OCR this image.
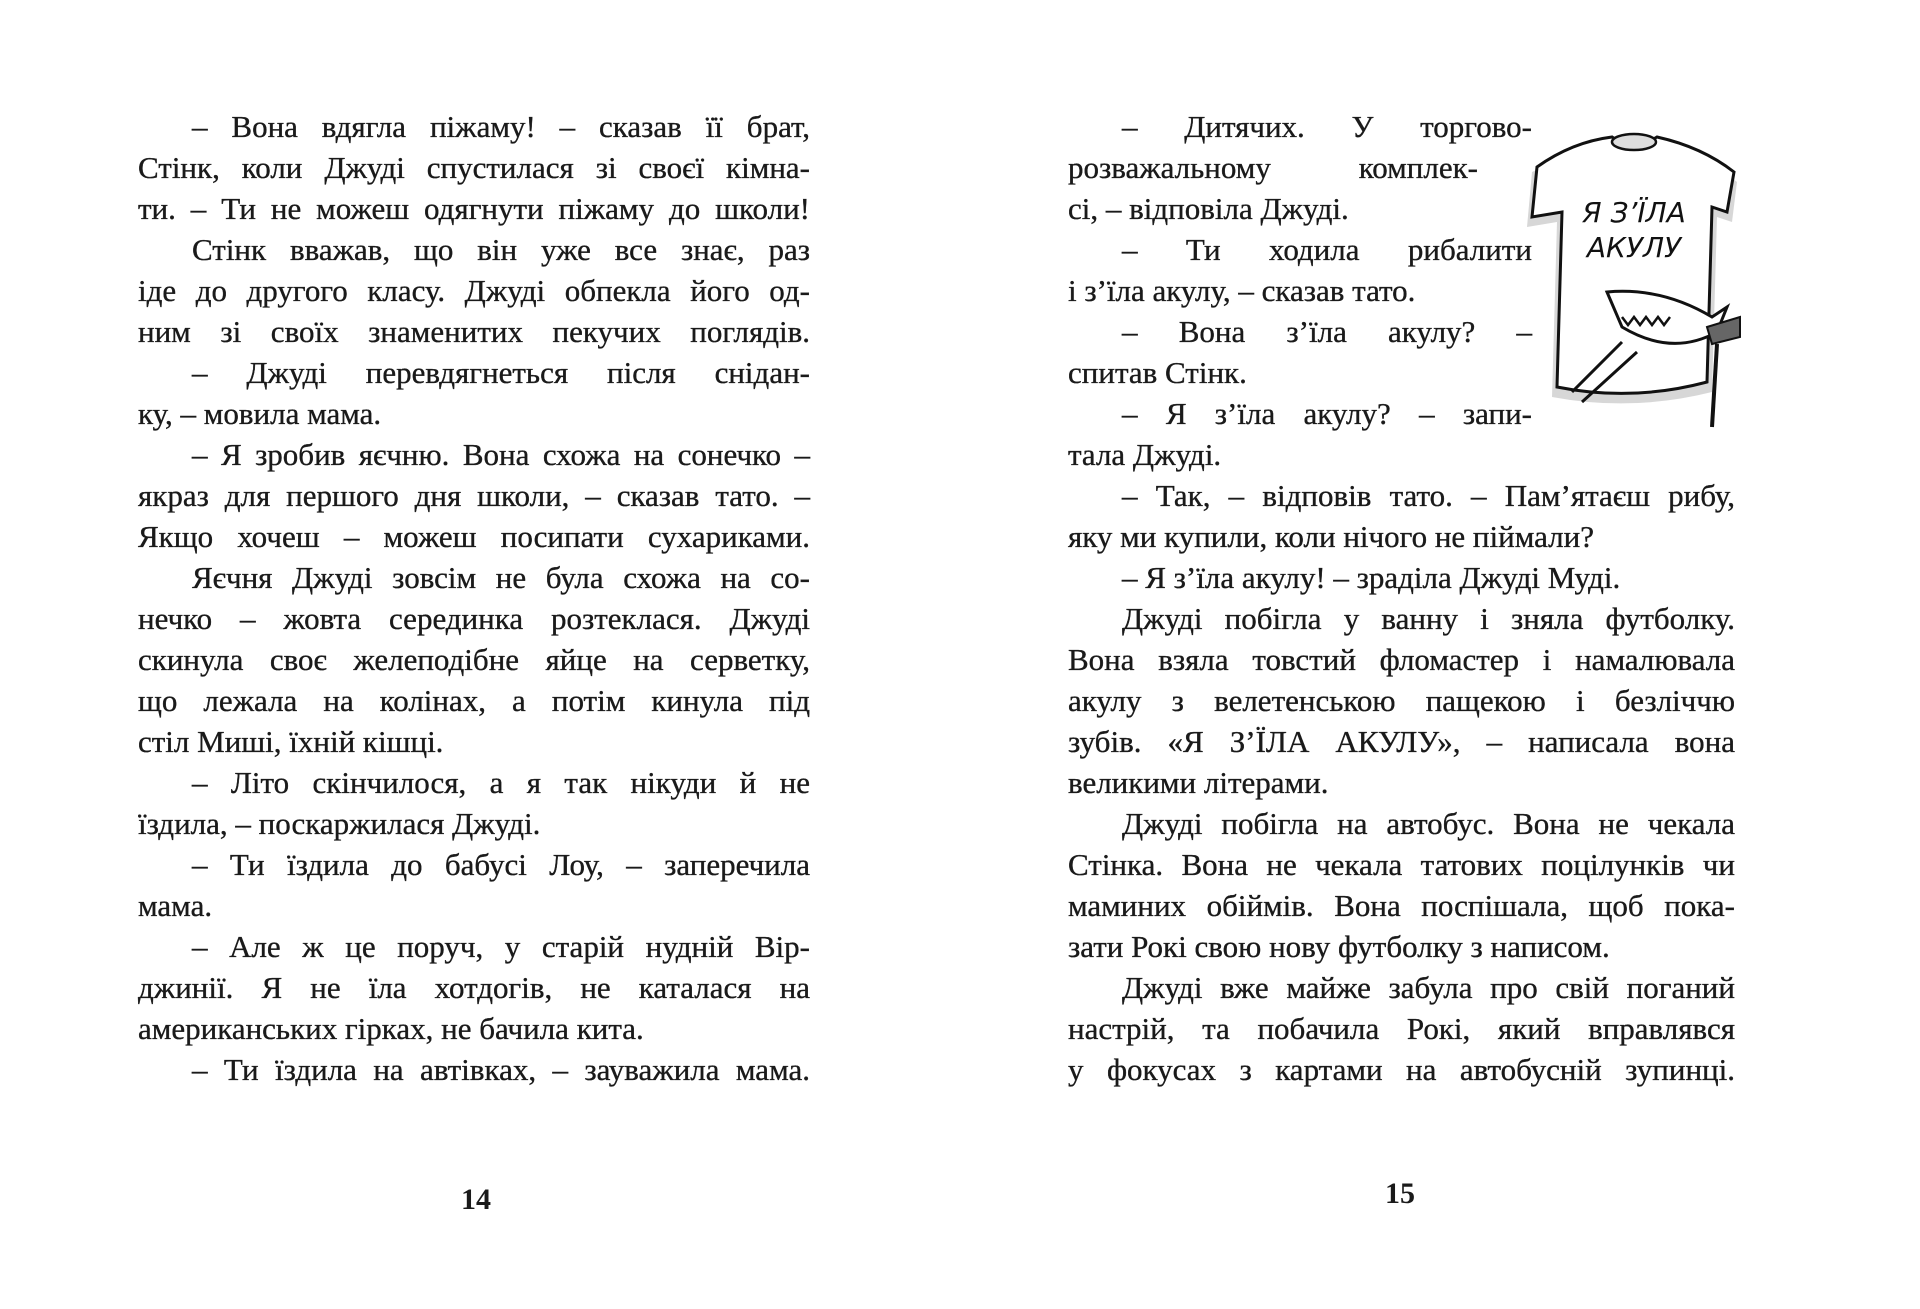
– Вона вдягла піжаму! – сказав її брат,
Стінк, коли Джуді спустилася зі своєї кімна-
ти. – Ти не можеш одягнути піжаму до школи!
Стінк вважав, що він уже все знає, раз
іде до другого класу. Джуді обпекла його од-
ним зі своїх знаменитих пекучих поглядів.
– Джуді перевдягнеться після снідан-
ку, – мовила мама.
– Я зробив яєчню. Вона схожа на сонечко –
якраз для першого дня школи, – сказав тато. –
Якщо хочеш – можеш посипати сухариками.
Яєчня Джуді зовсім не була схожа на со-
нечко – жовта серединка розтеклася. Джуді
скинула своє желеподібне яйце на серветку,
що лежала на колінах, а потім кинула під
стіл Миші, їхній кішці.
– Літо скінчилося, а я так нікуди й не
їздила, – поскаржилася Джуді.
– Ти їздила до бабусі Лоу, – заперечила
мама.
– Але ж це поруч, у старій нудній Вір-
джинії. Я не їла хотдогів, не каталася на
американських гірках, не бачила кита.
– Ти їздила на автівках, – зауважила мама.
– Дитячих. У торгово-
розважальному комплек-
сі, – відповіла Джуді.
– Ти ходила рибалити
і з’їла акулу, – сказав тато.
– Вона з’їла акулу? –
спитав Стінк.
– Я з’їла акулу? – запи-
тала Джуді.
– Так, – відповів тато. – Пам’ятаєш рибу,
яку ми купили, коли нічого не піймали?
– Я з’їла акулу! – зраділа Джуді Муді.
Джуді побігла у ванну і зняла футболку.
Вона взяла товстий фломастер і намалювала
акулу з велетенською пащекою і безліччю
зубів. «Я З’ЇЛА АКУЛУ», – написала вона
великими літерами.
Джуді побігла на автобус. Вона не чекала
Стінка. Вона не чекала татових поцілунків чи
маминих обіймів. Вона поспішала, щоб пока-
зати Рокі свою нову футболку з написом.
Джуді вже майже забула про свій поганий
настрій, та побачила Рокі, який вправлявся
у фокусах з картами на автобусній зупинці.
Я З’ЇЛА
АКУЛУ
14	15
